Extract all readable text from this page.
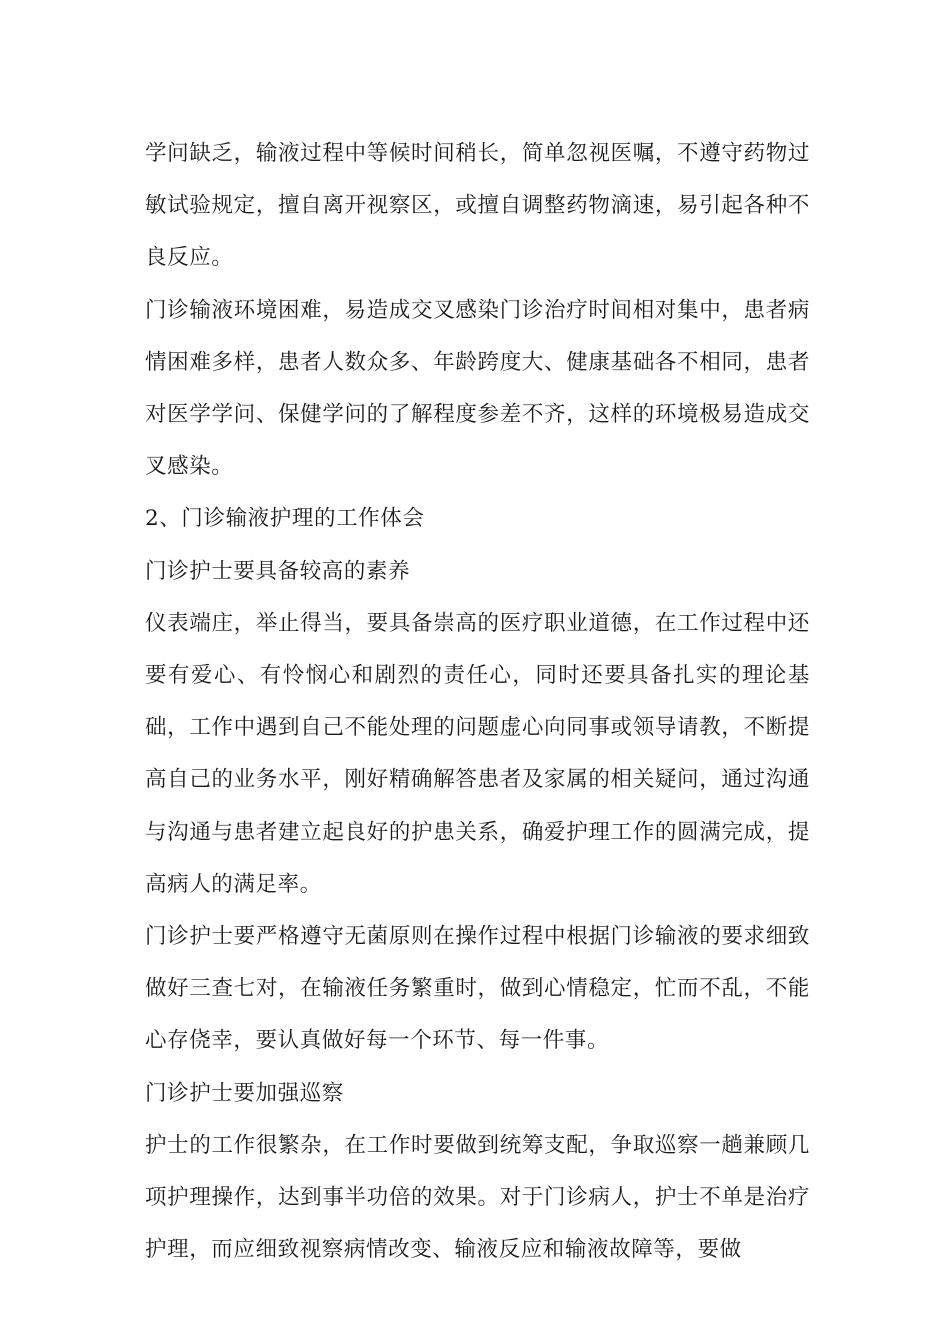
学问缺乏，输液过程中等候时间稍长，简单忽视医嘱，不遵守药物过敏试验规定，擅自离开视察区，或擅自调整药物滴速，易引起各种不良反应。

门诊输液环境困难，易造成交叉感染门诊治疗时间相对集中，患者病情困难多样，患者人数众多、年龄跨度大、健康基础各不相同，患者对医学学问、保健学问的了解程度参差不齐，这样的环境极易造成交叉感染。

2、门诊输液护理的工作体会

门诊护士要具备较高的素养

仪表端庄，举止得当，要具备崇高的医疗职业道德，在工作过程中还要有爱心、有怜悯心和剧烈的责任心，同时还要具备扎实的理论基础，工作中遇到自己不能处理的问题虚心向同事或领导请教，不断提高自己的业务水平，刚好精确解答患者及家属的相关疑问，通过沟通与沟通与患者建立起良好的护患关系，确爱护理工作的圆满完成，提高病人的满足率。

门诊护士要严格遵守无菌原则在操作过程中根据门诊输液的要求细致做好三查七对，在输液任务繁重时，做到心情稳定，忙而不乱，不能心存侥幸，要认真做好每一个环节、每一件事。

门诊护士要加强巡察

护士的工作很繁杂，在工作时要做到统筹支配，争取巡察一趟兼顾几项护理操作，达到事半功倍的效果。对于门诊病人，护士不单是治疗护理，而应细致视察病情改变、输液反应和输液故障等，要做
